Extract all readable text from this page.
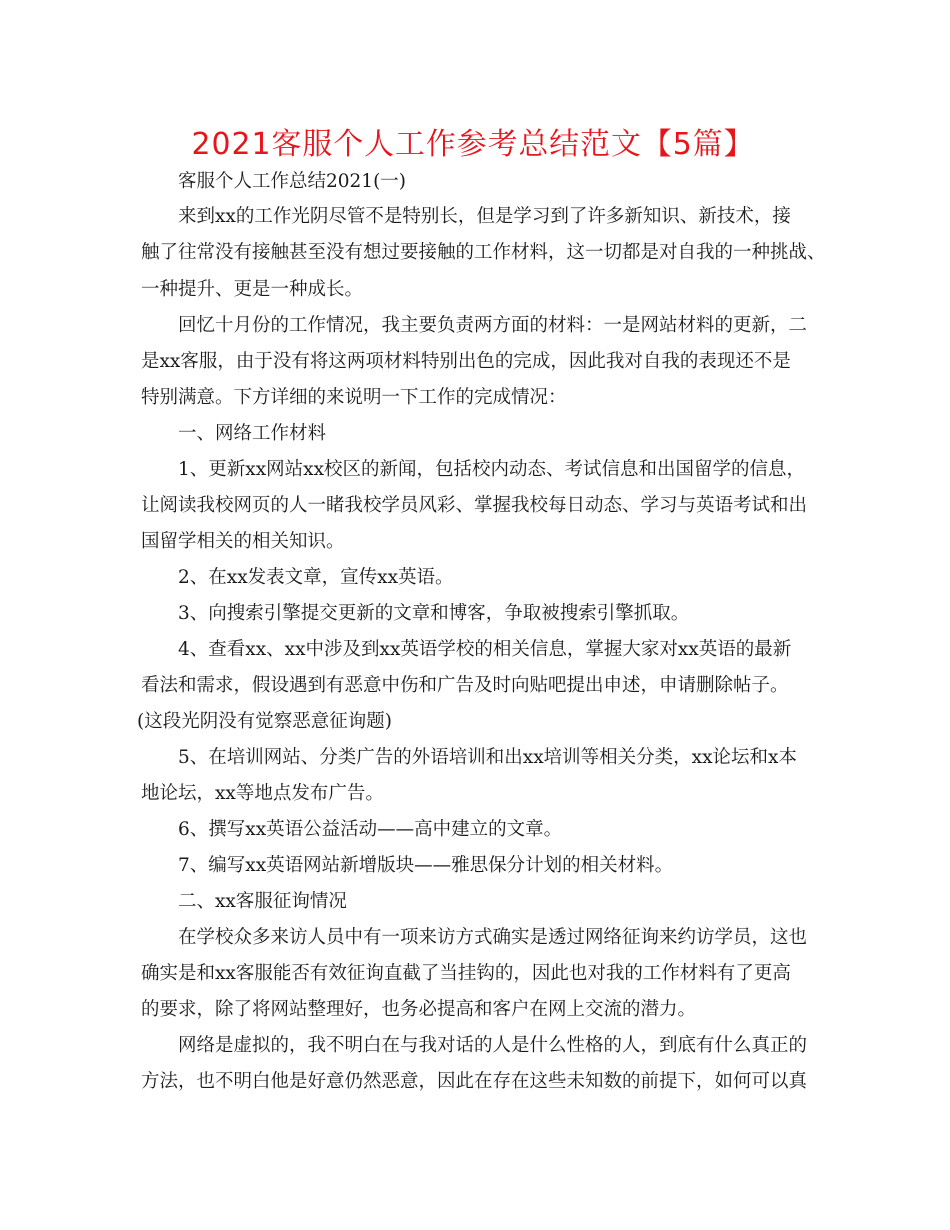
2021客服个人工作参考总结范文【5篇】
客服个人工作总结2021(一)
来到xx的工作光阴尽管不是特别长，但是学习到了许多新知识、新技术，接
触了往常没有接触甚至没有想过要接触的工作材料，这一切都是对自我的一种挑战、
一种提升、更是一种成长。
回忆十月份的工作情况，我主要负责两方面的材料：一是网站材料的更新，二
是xx客服，由于没有将这两项材料特别出色的完成，因此我对自我的表现还不是
特别满意。下方详细的来说明一下工作的完成情况：
一、网络工作材料
1、更新xx网站xx校区的新闻，包括校内动态、考试信息和出国留学的信息，
让阅读我校网页的人一睹我校学员风彩、掌握我校每日动态、学习与英语考试和出
国留学相关的相关知识。
2、在xx发表文章，宣传xx英语。
3、向搜索引擎提交更新的文章和博客，争取被搜索引擎抓取。
4、查看xx、xx中涉及到xx英语学校的相关信息，掌握大家对xx英语的最新
看法和需求，假设遇到有恶意中伤和广告及时向贴吧提出申述，申请删除帖子。
(这段光阴没有觉察恶意征询题)
5、在培训网站、分类广告的外语培训和出xx培训等相关分类，xx论坛和x本
地论坛，xx等地点发布广告。
6、撰写xx英语公益活动——高中建立的文章。
7、编写xx英语网站新增版块——雅思保分计划的相关材料。
二、xx客服征询情况
在学校众多来访人员中有一项来访方式确实是透过网络征询来约访学员，这也
确实是和xx客服能否有效征询直截了当挂钩的，因此也对我的工作材料有了更高
的要求，除了将网站整理好，也务必提高和客户在网上交流的潜力。
网络是虚拟的，我不明白在与我对话的人是什么性格的人，到底有什么真正的
方法，也不明白他是好意仍然恶意，因此在存在这些未知数的前提下，如何可以真
